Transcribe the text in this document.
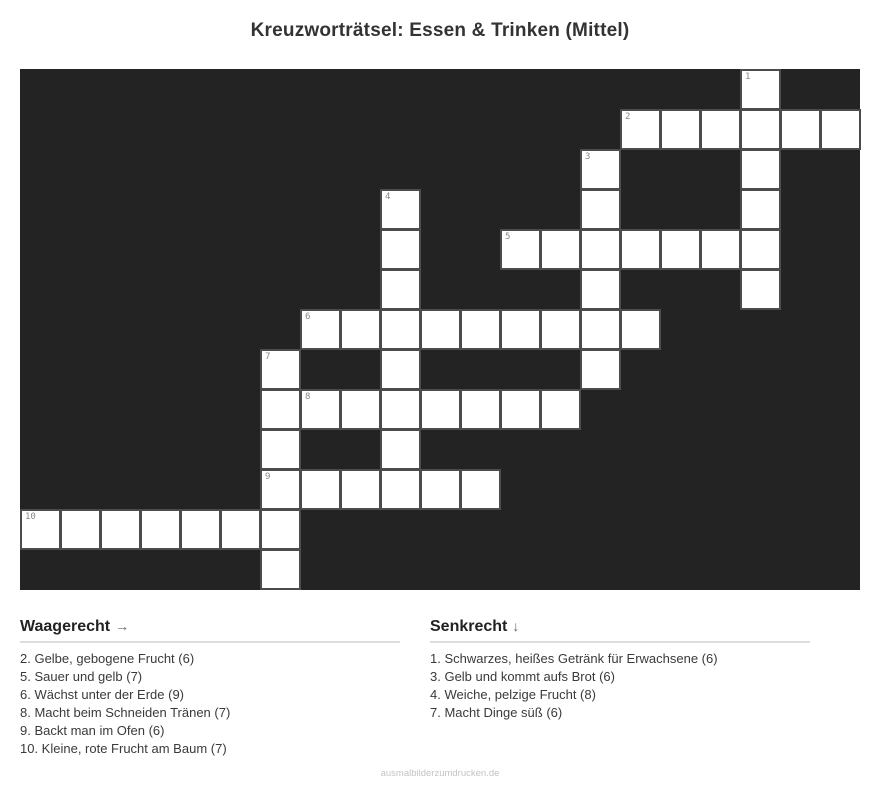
Kreuzworträtsel: Essen & Trinken (Mittel)
1
2
3
4
5
6
7
8
9
10
Waagerecht →
2. Gelbe, gebogene Frucht (6)
5. Sauer und gelb (7)
6. Wächst unter der Erde (9)
8. Macht beim Schneiden Tränen (7)
9. Backt man im Ofen (6)
10. Kleine, rote Frucht am Baum (7)
Senkrecht ↓
1. Schwarzes, heißes Getränk für Erwachsene (6)
3. Gelb und kommt aufs Brot (6)
4. Weiche, pelzige Frucht (8)
7. Macht Dinge süß (6)
ausmalbilderzumdrucken.de
